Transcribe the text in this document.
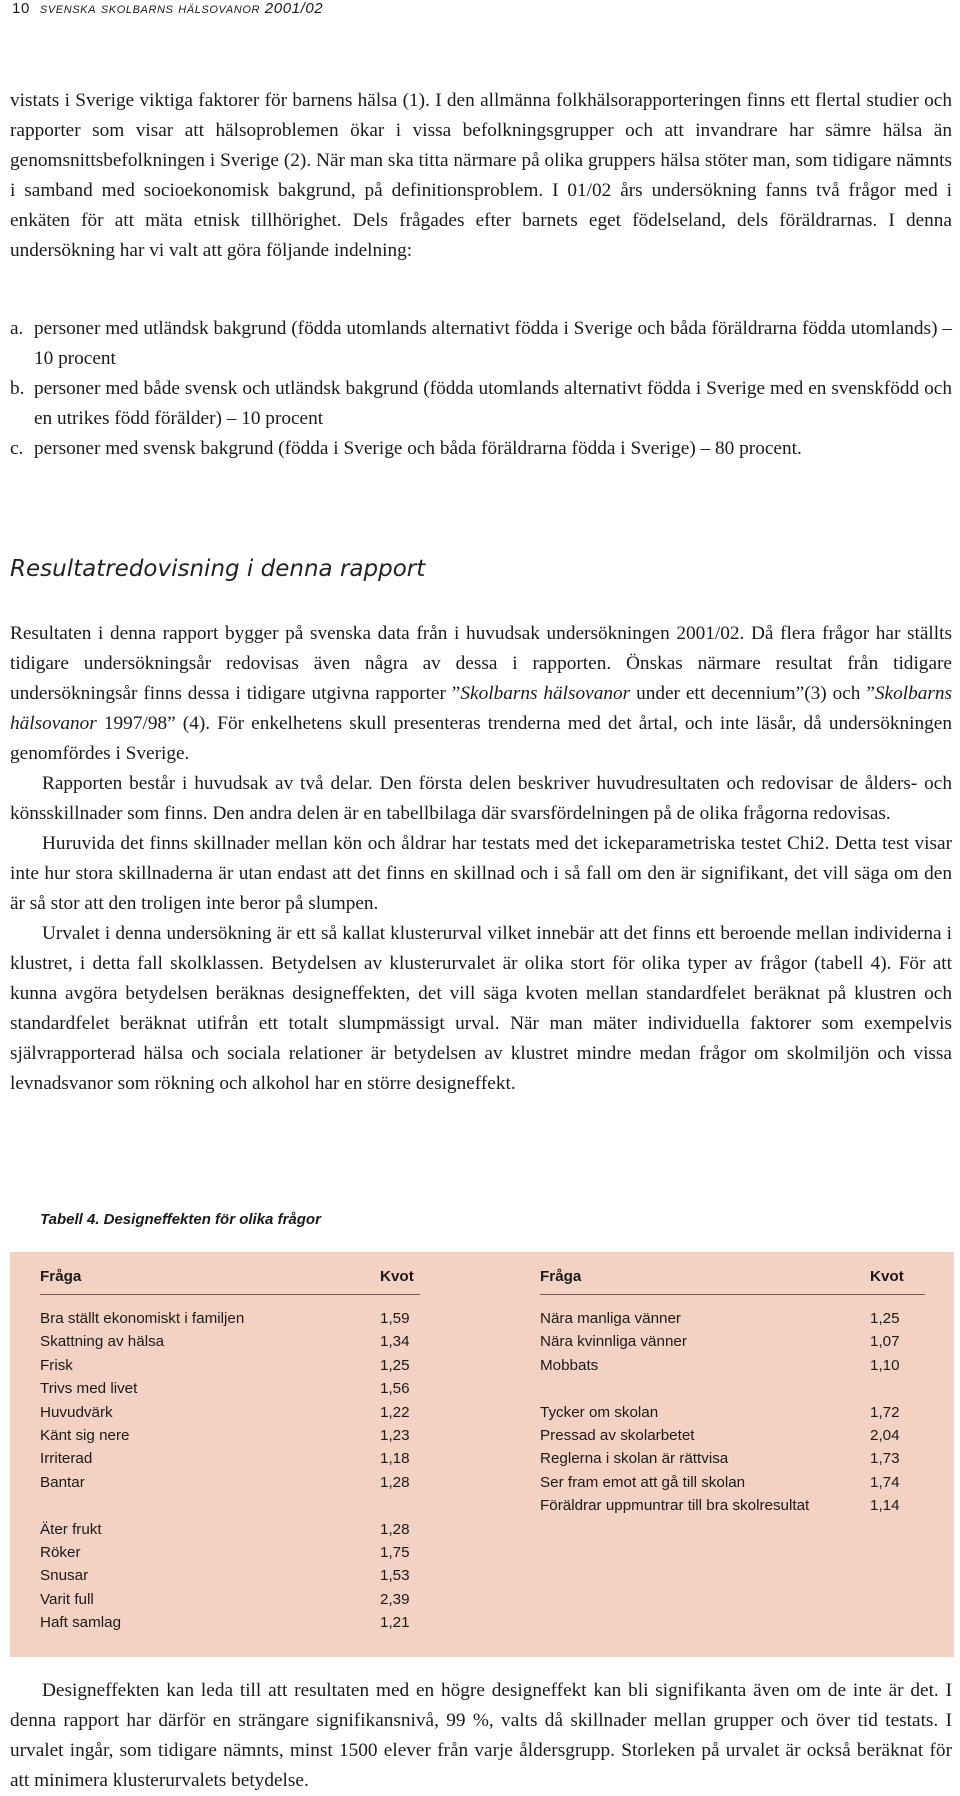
10 svenska skolbarns hälsovanor 2001/02

vistats i Sverige viktiga faktorer för barnens hälsa (1). I den allmänna folkhälsorapporteringen finns ett flertal studier och rapporter som visar att hälsoproblemen ökar i vissa befolkningsgrupper och att invandrare har sämre hälsa än genomsnittsbefolkningen i Sverige (2). När man ska titta närmare på olika gruppers hälsa stöter man, som tidigare nämnts i samband med socioekonomisk bakgrund, på definitionsproblem. I 01/02 års undersökning fanns två frågor med i enkäten för att mäta etnisk tillhörighet. Dels frågades efter barnets eget födelseland, dels föräldrarnas. I denna undersökning har vi valt att göra följande indelning:

a. personer med utländsk bakgrund (födda utomlands alternativt födda i Sverige och båda föräldrarna födda utomlands) – 10 procent
b. personer med både svensk och utländsk bakgrund (födda utomlands alternativt födda i Sverige med en svenskfödd och en utrikes född förälder) – 10 procent
c. personer med svensk bakgrund (födda i Sverige och båda föräldrarna födda i Sverige) – 80 procent.
Resultatredovisning i denna rapport

Resultaten i denna rapport bygger på svenska data från i huvudsak undersökningen 2001/02. Då flera frågor har ställts tidigare undersökningsår redovisas även några av dessa i rapporten. Önskas närmare resultat från tidigare undersökningsår finns dessa i tidigare utgivna rapporter ”Skolbarns hälsovanor under ett decennium”(3) och ”Skolbarns hälsovanor 1997/98” (4). För enkelhetens skull presenteras trenderna med det årtal, och inte läsår, då undersökningen genomfördes i Sverige.

Rapporten består i huvudsak av två delar. Den första delen beskriver huvudresultaten och redovisar de ålders- och könsskillnader som finns. Den andra delen är en tabellbilaga där svarsfördelningen på de olika frågorna redovisas.

Huruvida det finns skillnader mellan kön och åldrar har testats med det ickeparametriska testet Chi2. Detta test visar inte hur stora skillnaderna är utan endast att det finns en skillnad och i så fall om den är signifikant, det vill säga om den är så stor att den troligen inte beror på slumpen.

Urvalet i denna undersökning är ett så kallat klusterurval vilket innebär att det finns ett beroende mellan individerna i klustret, i detta fall skolklassen. Betydelsen av klusterurvalet är olika stort för olika typer av frågor (tabell 4). För att kunna avgöra betydelsen beräknas designeffekten, det vill säga kvoten mellan standardfelet beräknat på klustren och standardfelet beräknat utifrån ett totalt slumpmässigt urval. När man mäter individuella faktorer som exempelvis självrapporterad hälsa och sociala relationer är betydelsen av klustret mindre medan frågor om skolmiljön och vissa levnadsvanor som rökning och alkohol har en större designeffekt.

Tabell 4. Designeffekten för olika frågor
Fråga	Kvot
Bra ställt ekonomiskt i familjen	1,59
Skattning av hälsa	1,34
Frisk	1,25
Trivs med livet	1,56
Huvudvärk	1,22
Känt sig nere	1,23
Irriterad	1,18
Bantar	1,28
Äter frukt	1,28
Röker	1,75
Snusar	1,53
Varit full	2,39
Haft samlag	1,21
Fråga	Kvot
Nära manliga vänner	1,25
Nära kvinnliga vänner	1,07
Mobbats	1,10
Tycker om skolan	1,72
Pressad av skolarbetet	2,04
Reglerna i skolan är rättvisa	1,73
Ser fram emot att gå till skolan	1,74
Föräldrar uppmuntrar till bra skolresultat	1,14

Designeffekten kan leda till att resultaten med en högre designeffekt kan bli signifikanta även om de inte är det. I denna rapport har därför en strängare signifikansnivå, 99 %, valts då skillnader mellan grupper och över tid testats. I urvalet ingår, som tidigare nämnts, minst 1500 elever från varje åldersgrupp. Storleken på urvalet är också beräknat för att minimera klusterurvalets betydelse.
